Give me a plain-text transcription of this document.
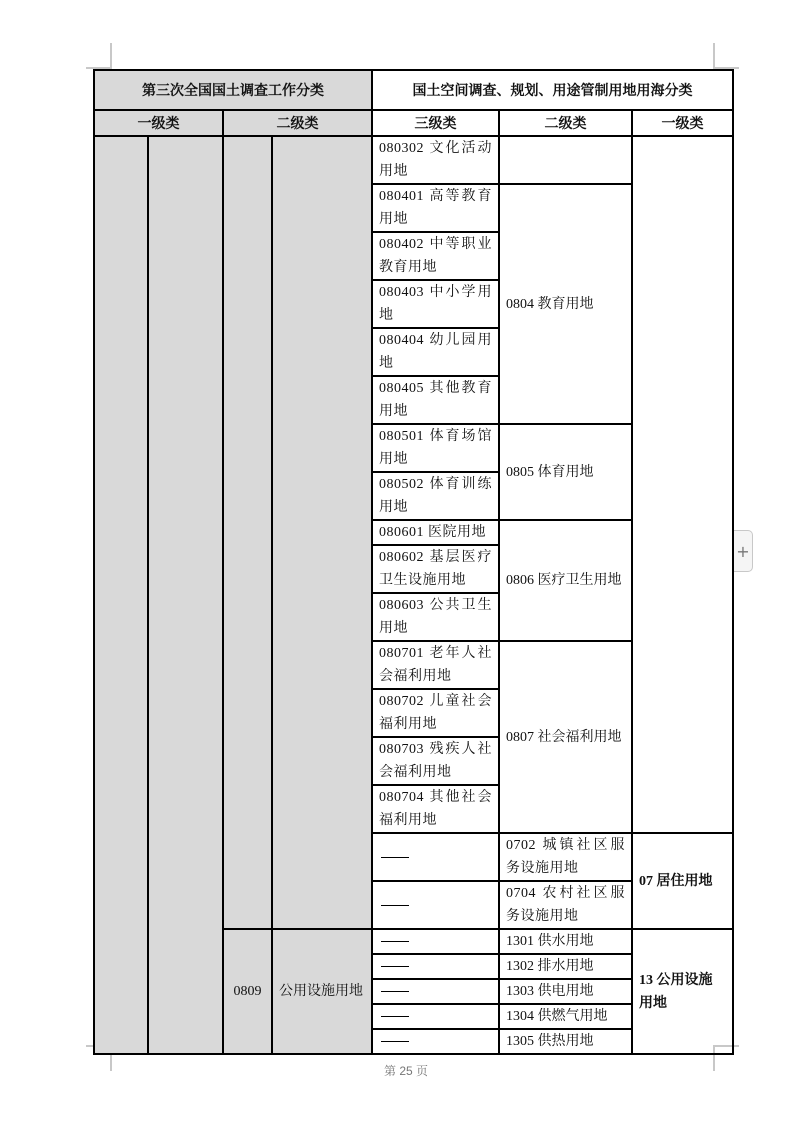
第三次全国国土调查工作分类				国土空间调查、规划、用途管制用地用海分类		
一级类		二级类		三级类	二级类	一级类
				080302 文化活动用地		
				080401 高等教育用地	0804 教育用地	
				080402 中等职业教育用地		
				080403 中小学用地		
				080404 幼儿园用地		
				080405 其他教育用地		
				080501 体育场馆用地	0805 体育用地	
				080502 体育训练用地		
				080601 医院用地	0806 医疗卫生用地	
				080602 基层医疗卫生设施用地		
				080603 公共卫生用地		
				080701 老年人社会福利用地	0807 社会福利用地	
				080702 儿童社会福利用地		
				080703 残疾人社会福利用地		
				080704 其他社会福利用地		
					0702 城镇社区服务设施用地	07 居住用地
					0704 农村社区服务设施用地	
		0809	公用设施用地		1301 供水用地	13 公用设施用地
					1302 排水用地	
					1303 供电用地	
					1304 供燃气用地	
					1305 供热用地	
+
第 25 页
